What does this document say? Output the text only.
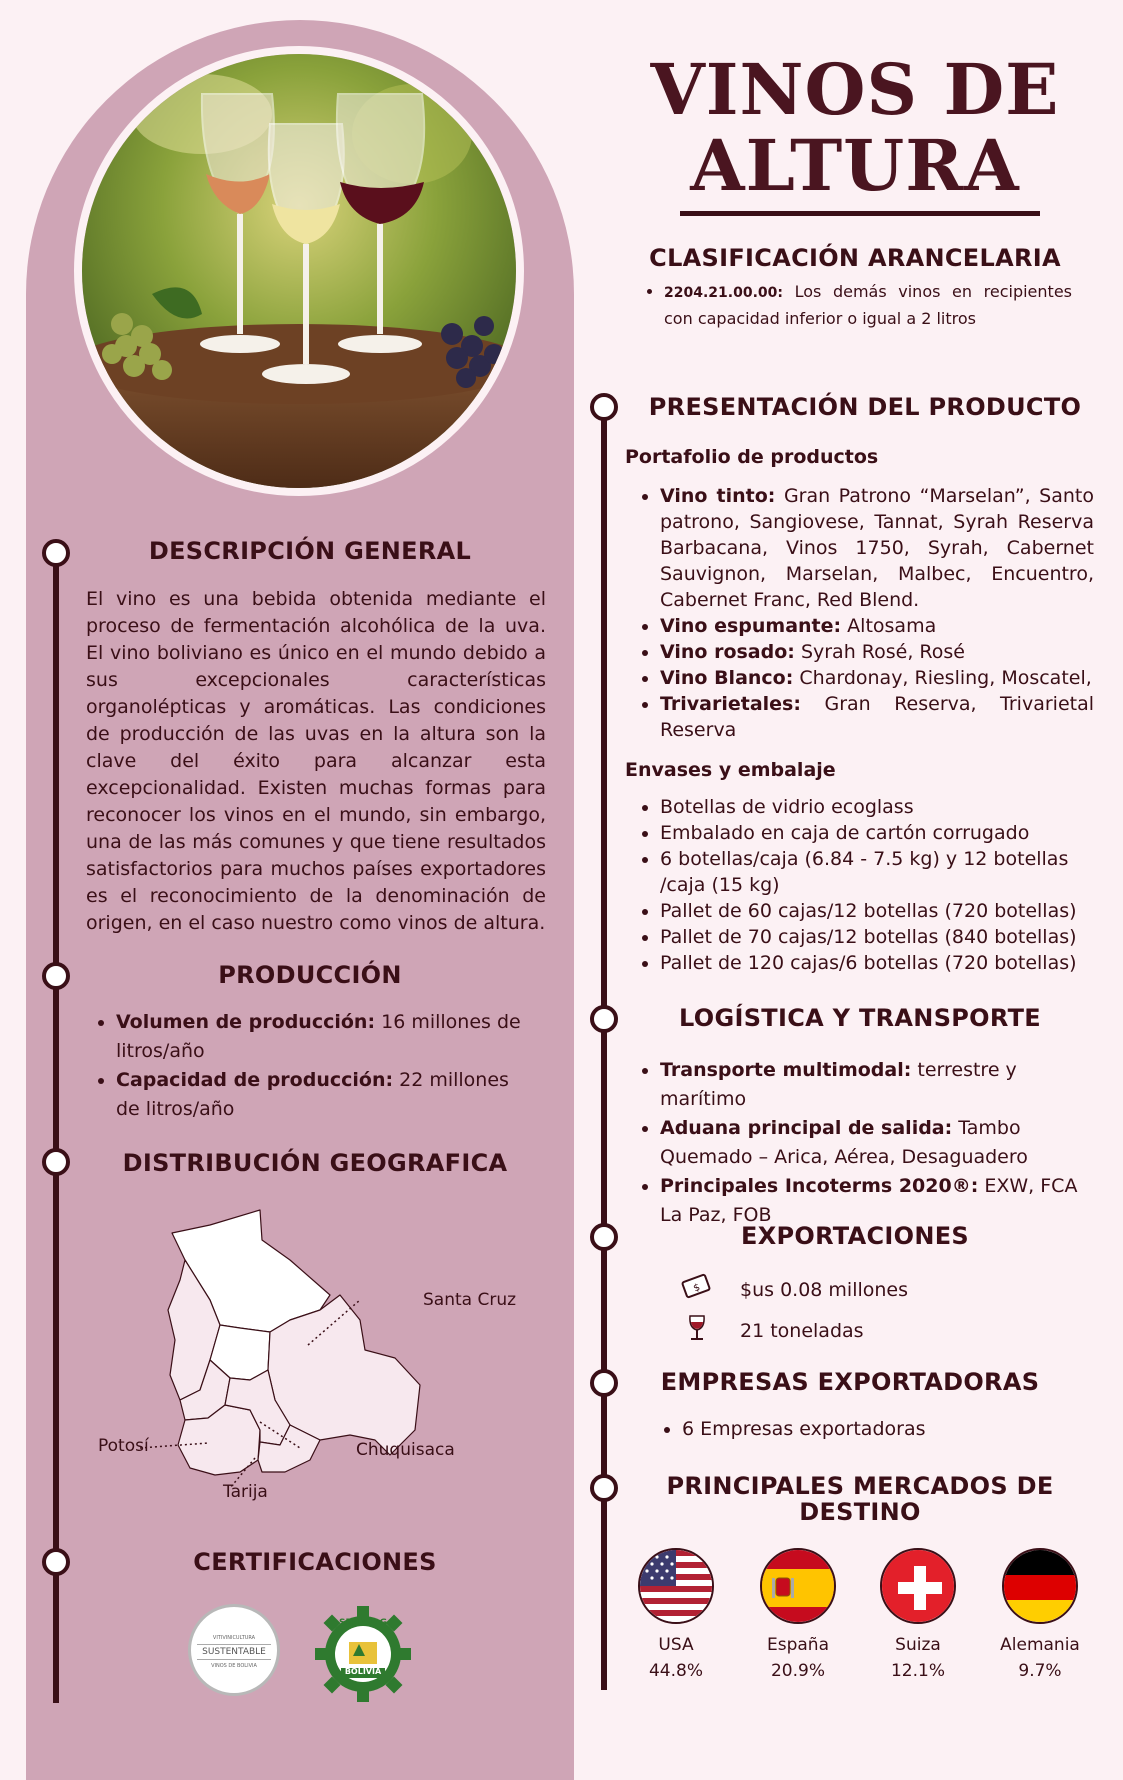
DESCRIPCIÓN GENERAL
El vino es una bebida obtenida mediante el proceso de fermentación alcohólica de la uva. El vino boliviano es único en el mundo debido a sus excepcionales características organolépticas y aromáticas. Las condiciones de producción de las uvas en la altura son la clave del éxito para alcanzar esta excepcionalidad. Existen muchas formas para reconocer los vinos en el mundo, sin embargo, una de las más comunes y que tiene resultados satisfactorios para muchos países exportadores es el reconocimiento de la denominación de origen, en el caso nuestro como vinos de altura.
PRODUCCIÓN
• Volumen de producción: 16 millones de litros/año
• Capacidad de producción: 22 millones de litros/año
DISTRIBUCIÓN GEOGRAFICA
Santa Cruz
Potosí	Chuquisaca
Tarija
CERTIFICACIONES
VITIVINICULTURA
SUSTENTABLE
VINOS DE BOLIVIA
SENASAG
BOLIVIA
VINOS DE
ALTURA
CLASIFICACIÓN ARANCELARIA
• 2204.21.00.00: Los demás vinos en recipientes con capacidad inferior o igual a 2 litros
PRESENTACIÓN DEL PRODUCTO
Portafolio de productos
• Vino tinto: Gran Patrono “Marselan”, Santo patrono, Sangiovese, Tannat, Syrah Reserva Barbacana, Vinos 1750, Syrah, Cabernet Sauvignon, Marselan, Malbec, Encuentro, Cabernet Franc, Red Blend.
• Vino espumante: Altosama
• Vino rosado: Syrah Rosé, Rosé
• Vino Blanco: Chardonay, Riesling, Moscatel,
• Trivarietales: Gran Reserva, Trivarietal Reserva
Envases y embalaje
• Botellas de vidrio ecoglass
• Embalado en caja de cartón corrugado
• 6 botellas/caja (6.84 - 7.5 kg) y 12 botellas /caja (15 kg)
• Pallet de 60 cajas/12 botellas (720 botellas)
• Pallet de 70 cajas/12 botellas (840 botellas)
• Pallet de 120 cajas/6 botellas (720 botellas)
LOGÍSTICA Y TRANSPORTE
• Transporte multimodal: terrestre y marítimo
• Aduana principal de salida: Tambo Quemado – Arica, Aérea, Desaguadero
• Principales Incoterms 2020®: EXW, FCA La Paz, FOB
EXPORTACIONES
$ $us 0.08 millones
21 toneladas
EMPRESAS EXPORTADORAS
• 6 Empresas exportadoras
PRINCIPALES MERCADOS DE
DESTINO
USA
44.8%
España
20.9%
Suiza
12.1%
Alemania
9.7%
